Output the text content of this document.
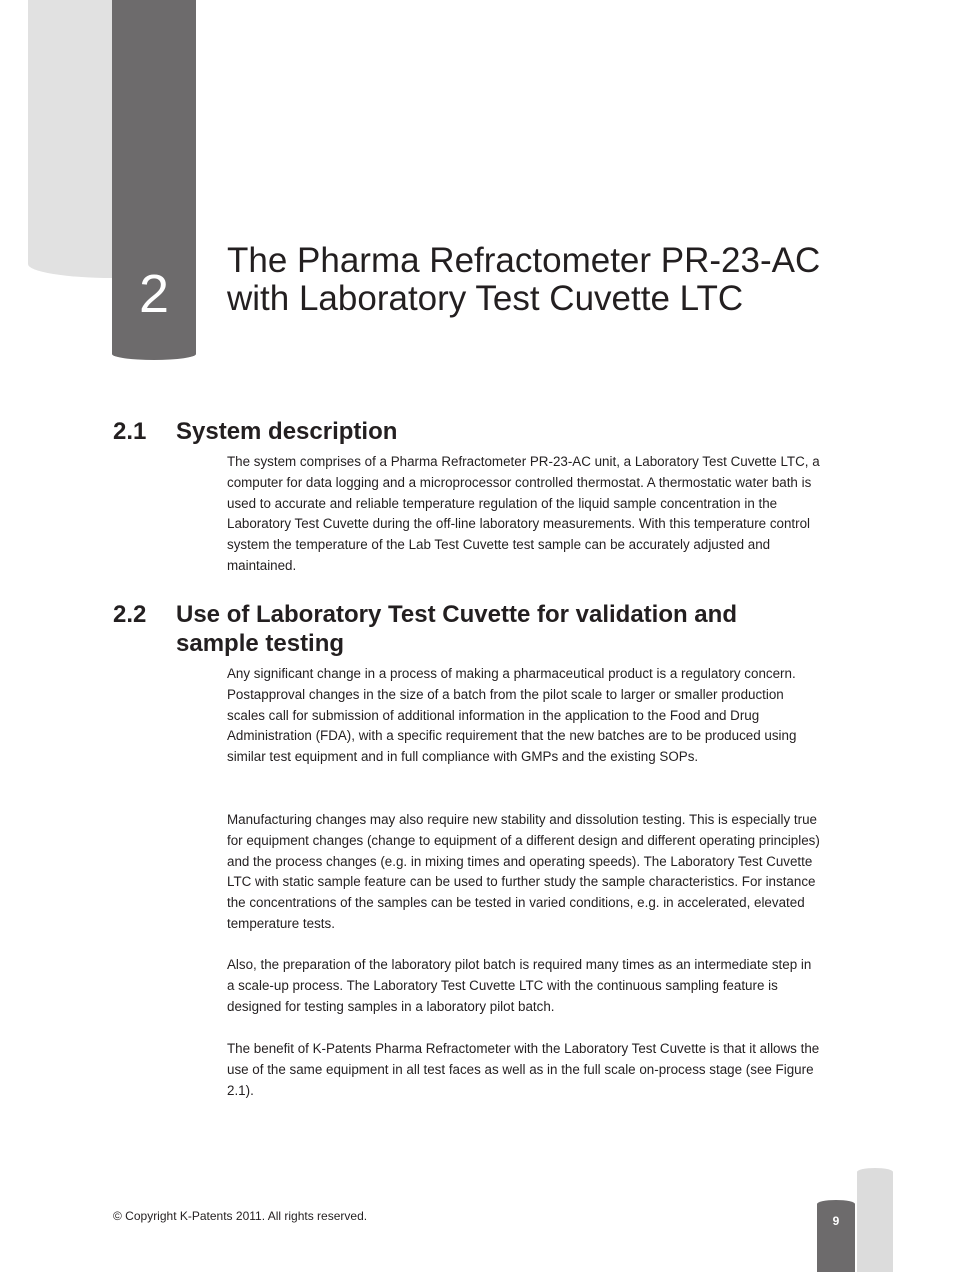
2
The Pharma Refractometer PR-23-AC with Laboratory Test Cuvette LTC
2.1 System description

The system comprises of a Pharma Refractometer PR-23-AC unit, a Laboratory Test Cuvette LTC, a computer for data logging and a microprocessor controlled thermostat. A thermostatic water bath is used to accurate and reliable temperature regulation of the liquid sample concentration in the Laboratory Test Cuvette during the off-line laboratory measurements. With this temperature control system the temperature of the Lab Test Cuvette test sample can be accurately adjusted and maintained.

2.2 Use of Laboratory Test Cuvette for validation and sample testing

Any significant change in a process of making a pharmaceutical product is a regulatory concern. Postapproval changes in the size of a batch from the pilot scale to larger or smaller production scales call for submission of additional information in the application to the Food and Drug Administration (FDA), with a specific requirement that the new batches are to be produced using similar test equipment and in full compliance with GMPs and the existing SOPs.

Manufacturing changes may also require new stability and dissolution testing. This is especially true for equipment changes (change to equipment of a different design and different operating principles) and the process changes (e.g. in mixing times and operating speeds). The Laboratory Test Cuvette LTC with static sample feature can be used to further study the sample characteristics. For instance the concentrations of the samples can be tested in varied conditions, e.g. in accelerated, elevated temperature tests.

Also, the preparation of the laboratory pilot batch is required many times as an intermediate step in a scale-up process. The Laboratory Test Cuvette LTC with the continuous sampling feature is designed for testing samples in a laboratory pilot batch.

The benefit of K-Patents Pharma Refractometer with the Laboratory Test Cuvette is that it allows the use of the same equipment in all test faces as well as in the full scale on-process stage (see Figure 2.1).

© Copyright K-Patents 2011. All rights reserved.	9
